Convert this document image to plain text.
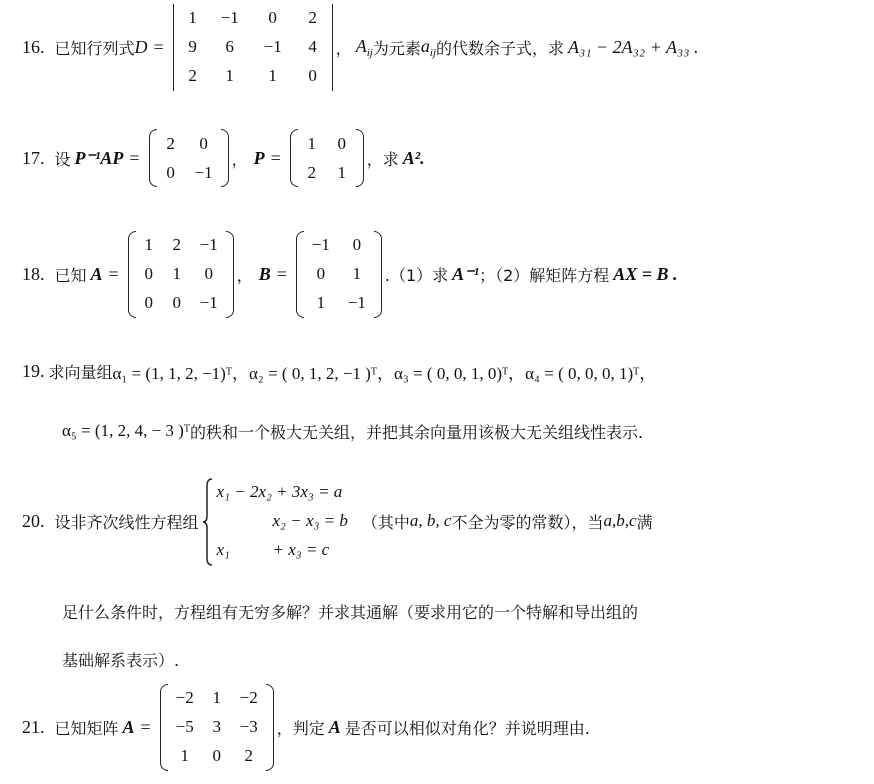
16. 已知行列式 D =
1	−1	0	2
9	6	−1	4
2	1	1	0
， $A_{ij}$ 为元素 $a_{ij}$ 的代数余子式，求 A₃₁ − 2A₃₂ + A₃₃ .
17. 设 P⁻¹AP =
2	0
0 −1
， P =
1 0
2 1
，求 A².
18. 已知 A =
1 2 −1
0 1	0
0 0 −1
， B =
−1	0
0	1
1	−1
.（1）求 A⁻¹ ；（2）解矩阵方程 AX = B .
19. 求向量组 α₁ = (1, 1, 2, −1)ᵀ，α₂ = ( 0, 1, 2, −1 )ᵀ，α₃ = ( 0, 0, 1, 0)ᵀ，α₄ = ( 0, 0, 0, 1)ᵀ，
α₅ = (1, 2, 4, − 3 )ᵀ 的秩和一个极大无关组，并把其余向量用该极大无关组线性表示.
20. 设非齐次线性方程组
x₁ − 2x₂ + 3x₃ = a
x₂ − x₃ = b
x₁          + x₃ = c
（其中 a, b, c 不全为零的常数），当 a,b,c 满
足什么条件时，方程组有无穷多解？并求其通解（要求用它的一个特解和导出组的
基础解系表示）.
21. 已知矩阵 A =
−2 1 −2
−5 3 −3
1	0	2
，判定 A 是否可以相似对角化？并说明理由.
